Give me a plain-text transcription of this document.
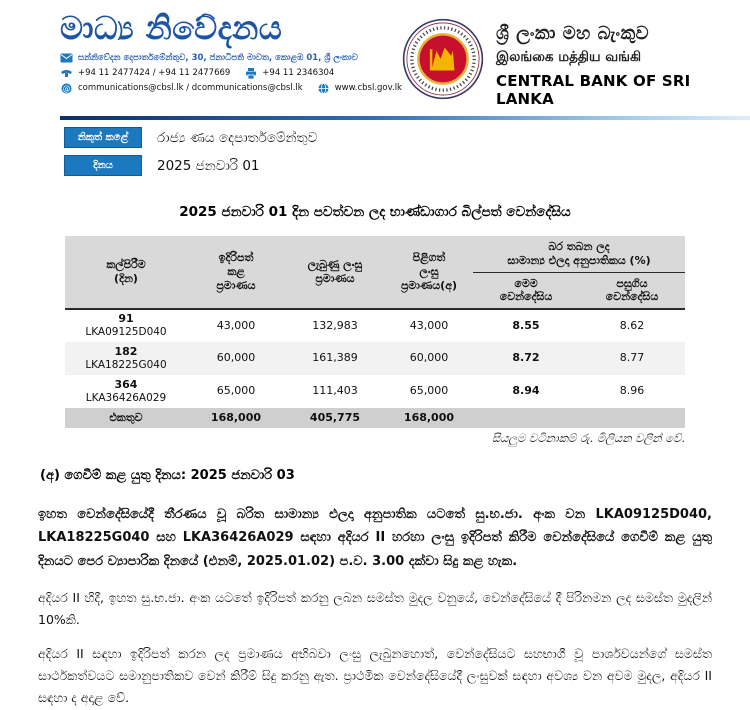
මාධ්‍ය නිවේදනය
සන්නිවේදන දෙපාර්තමේන්තුව, 30, ජනාධිපති මාවත, කොළඹ 01, ශ්‍රී ලංකාව
+94 11 2477424 / +94 11 2477669	+94 11 2346304
@ communications@cbsl.lk / dcommunications@cbsl.lk	www.cbsl.gov.lk
ශ්‍රී ලංකා මහ බැංකුව
இலங்கை மத்திய வங்கி
CENTRAL BANK OF SRI LANKA
නිකුත් කළේ	රාජ්‍ය ණය දෙපාර්තමේන්තුව
දිනය	2025 ජනවාරි 01
2025 ජනවාරි 01 දින පවත්වන ලද භාණ්ඩාගාර බිල්පත් වෙන්දේසිය
කල්පිරීම
(දින)

ඉදිරිපත්
කළ
ප්‍රමාණය

ලැබුණු ලංසු
ප්‍රමාණය

පිළිගත්
ලංසු
ප්‍රමාණය(අ)

බර තබන ලද
සාමාන්‍ය එලදා අනුපාතිකය (%)

මෙම
වෙන්දේසිය

පසුගිය
වෙන්දේසිය

91
LKA09125D040	43,000	132,983	43,000	8.55	8.62

182
LKA18225G040	60,000	161,389	60,000	8.72	8.77

364
LKA36426A029	65,000	111,403	65,000	8.94	8.96
එකතුව	168,000	405,775	168,000		
සියලුම වටිනාකම් රු. මිලියන වලින් වේ.
(අ) ගෙවීම් කළ යුතු දිනය: 2025 ජනවාරි 03
ඉහත වෙන්දේසියේදී තීරණය වූ බරිත සාමාන්‍ය එලදා අනුපාතික යටතේ සු.භ.ජා. අංක වන LKA09125D040, LKA18225G040 සහ LKA36426A029 සඳහා අදියර II හරහා ලංසු ඉදිරිපත් කිරීම වෙන්දේසියේ ගෙවීම් කළ යුතු දිනයට පෙර ව්‍යාපාරික දිනයේ (එනම්, 2025.01.02) ප.ව. 3.00 දක්වා සිදු කළ හැක.
අදියර II හිදී, ඉහත සු.භ.ජා. අංක යටතේ ඉදිරිපත් කරනු ලබන සමස්ත මුදල වනුයේ, වෙන්දේසියේ දී පිරිනමන ලද සමස්ත මුදලින් 10%කි.
අදියර II සඳහා ඉදිරිපත් කරන ලද ප්‍රමාණය අභිබවා ලංසු ලැබුනහොත්, වෙන්දේසියට සහභාගී වූ පාර්ශවයන්ගේ සමස්ත සාර්ථකත්වයට සමානුපාතිකව වෙන් කිරීම් සිදු කරනු ඇත. ප්‍රාථමික වෙන්දේසියේදී ලංසුවක් සඳහා අවශ්‍ය වන අවම මුදල, අදියර II සඳහා ද අදාළ වේ.
